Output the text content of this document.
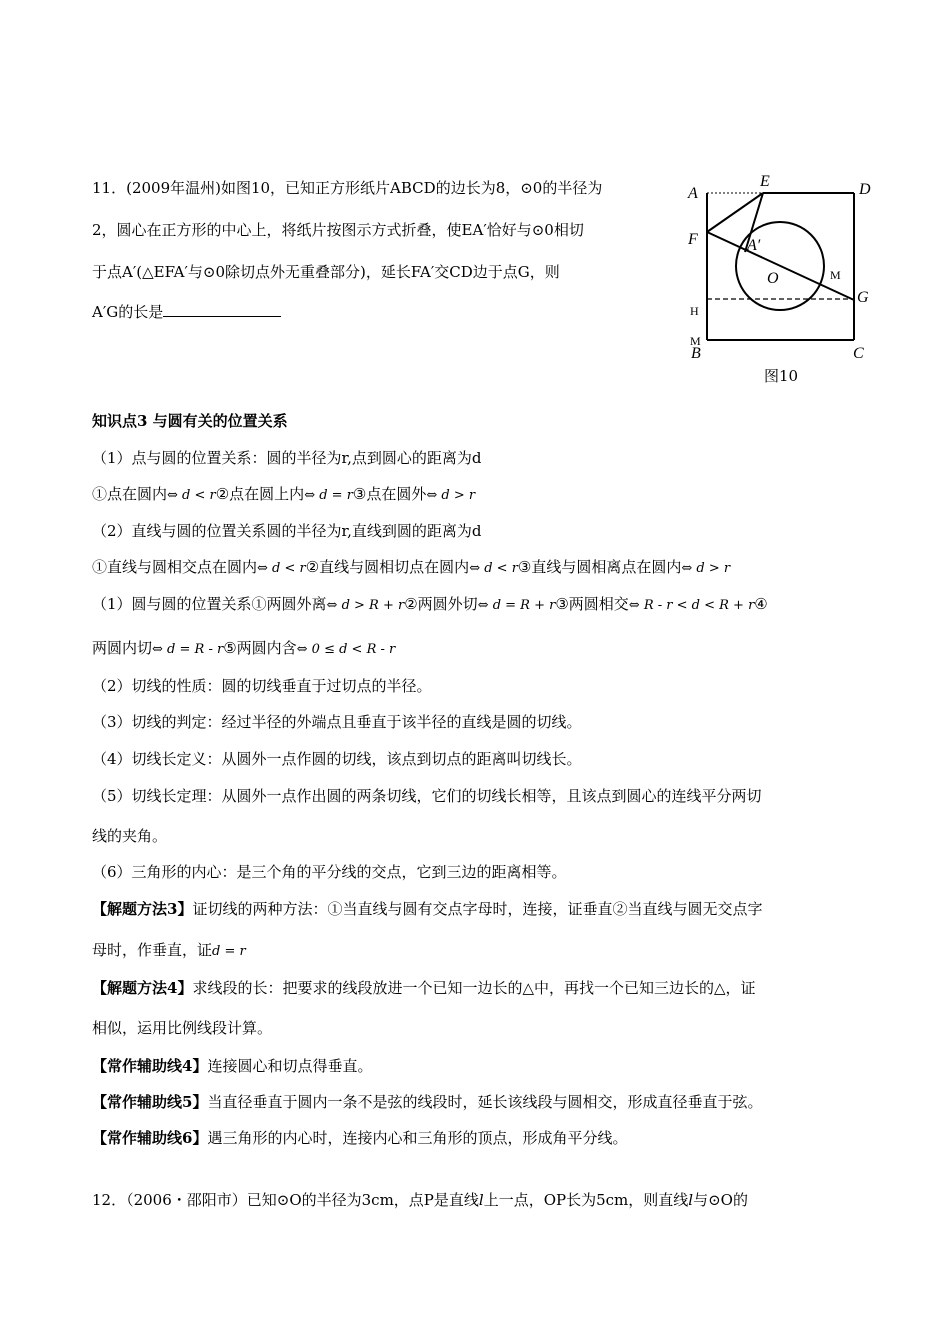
11．(2009年温州)如图10，已知正方形纸片ABCD的边长为8，⊙0的半径为
2，圆心在正方形的中心上，将纸片按图示方式折叠，使EA′恰好与⊙0相切
于点A′(△EFA′与⊙0除切点外无重叠部分)，延长FA′交CD边于点G，则
A′G的长是
A
E	D
F	A′
O
G
B	C
M
H
M
图10
知识点3 与圆有关的位置关系
（1）点与圆的位置关系：圆的半径为r,点到圆心的距离为d
①点在圆内⇔ d < r②点在圆上内⇔ d = r③点在圆外⇔ d > r
（2）直线与圆的位置关系圆的半径为r,直线到圆的距离为d
①直线与圆相交点在圆内⇔ d < r②直线与圆相切点在圆内⇔ d < r③直线与圆相离点在圆内⇔ d > r
（1）圆与圆的位置关系①两圆外离⇔ d > R + r②两圆外切⇔ d = R + r③两圆相交⇔ R - r < d < R + r④
两圆内切⇔ d = R - r⑤两圆内含⇔ 0 ≤ d < R - r
（2）切线的性质：圆的切线垂直于过切点的半径。
（3）切线的判定：经过半径的外端点且垂直于该半径的直线是圆的切线。
（4）切线长定义：从圆外一点作圆的切线，该点到切点的距离叫切线长。
（5）切线长定理：从圆外一点作出圆的两条切线，它们的切线长相等，且该点到圆心的连线平分两切
线的夹角。
（6）三角形的内心：是三个角的平分线的交点，它到三边的距离相等。
【解题方法3】证切线的两种方法：①当直线与圆有交点字母时，连接，证垂直②当直线与圆无交点字
母时，作垂直，证d = r
【解题方法4】求线段的长：把要求的线段放进一个已知一边长的△中，再找一个已知三边长的△，证
相似，运用比例线段计算。
【常作辅助线4】连接圆心和切点得垂直。
【常作辅助线5】当直径垂直于圆内一条不是弦的线段时，延长该线段与圆相交，形成直径垂直于弦。
【常作辅助线6】遇三角形的内心时，连接内心和三角形的顶点，形成角平分线。
12．（2006・邵阳市）已知⊙O的半径为3cm，点P是直线l上一点，OP长为5cm，则直线l与⊙O的
